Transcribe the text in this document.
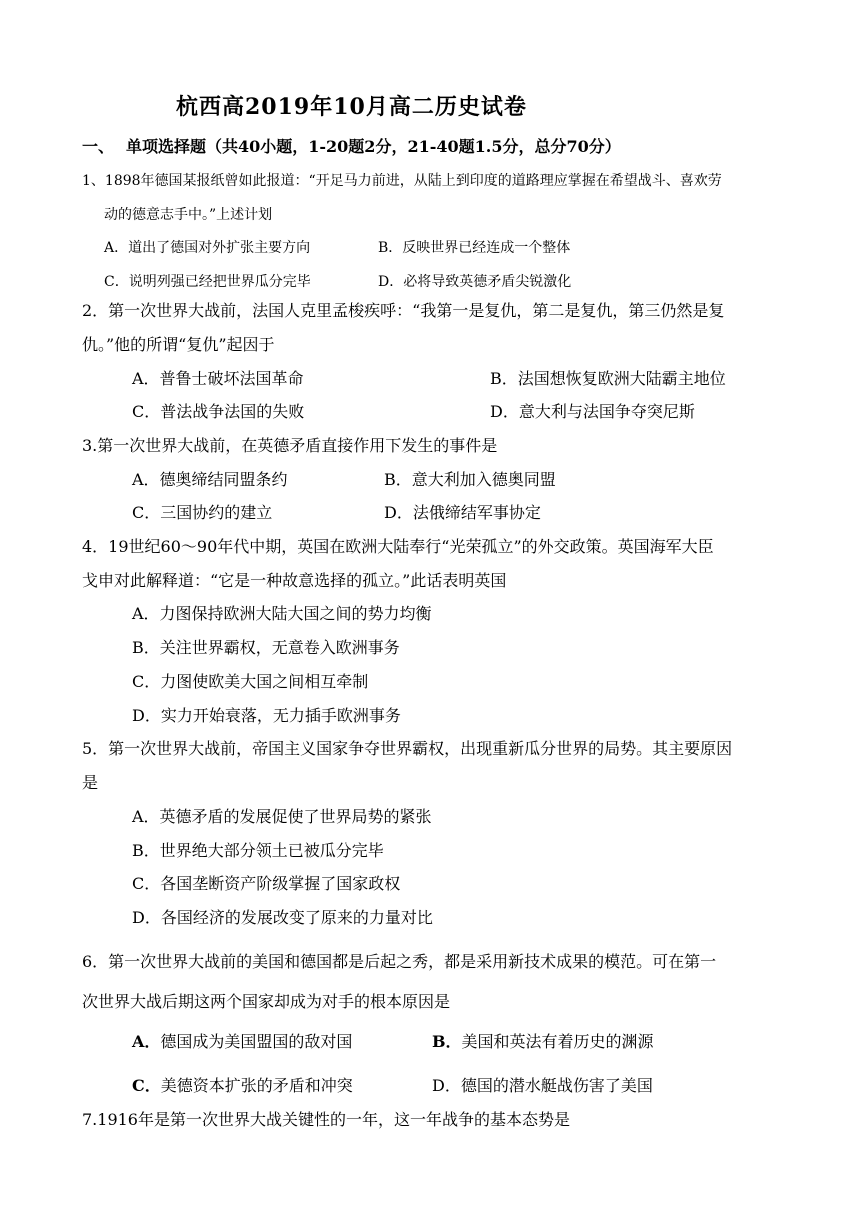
杭西高2019年10月高二历史试卷
一、 单项选择题（共40小题，1-20题2分，21-40题1.5分，总分70分）
1、1898年德国某报纸曾如此报道：“开足马力前进，从陆上到印度的道路理应掌握在希望战斗、喜欢劳
动的德意志手中。”上述计划
A．道出了德国对外扩张主要方向	B．反映世界已经连成一个整体
C．说明列强已经把世界瓜分完毕	D．必将导致英德矛盾尖锐激化
2．第一次世界大战前，法国人克里孟梭疾呼：“我第一是复仇，第二是复仇，第三仍然是复
仇。”他的所谓“复仇”起因于
A．普鲁士破坏法国革命	B．法国想恢复欧洲大陆霸主地位
C．普法战争法国的失败	D．意大利与法国争夺突尼斯
3.第一次世界大战前，在英德矛盾直接作用下发生的事件是
A．德奥缔结同盟条约	B．意大利加入德奥同盟
C．三国协约的建立	D．法俄缔结军事协定
4．19世纪60～90年代中期，英国在欧洲大陆奉行“光荣孤立”的外交政策。英国海军大臣
戈申对此解释道：“它是一种故意选择的孤立。”此话表明英国
A．力图保持欧洲大陆大国之间的势力均衡
B．关注世界霸权，无意卷入欧洲事务
C．力图使欧美大国之间相互牵制
D．实力开始衰落，无力插手欧洲事务
5．第一次世界大战前，帝国主义国家争夺世界霸权，出现重新瓜分世界的局势。其主要原因
是
A．英德矛盾的发展促使了世界局势的紧张
B．世界绝大部分领土已被瓜分完毕
C．各国垄断资产阶级掌握了国家政权
D．各国经济的发展改变了原来的力量对比
6．第一次世界大战前的美国和德国都是后起之秀，都是采用新技术成果的模范。可在第一
次世界大战后期这两个国家却成为对手的根本原因是
A．德国成为美国盟国的敌对国	B．美国和英法有着历史的渊源
C．美德资本扩张的矛盾和冲突	D．德国的潜水艇战伤害了美国
7.1916年是第一次世界大战关键性的一年，这一年战争的基本态势是
